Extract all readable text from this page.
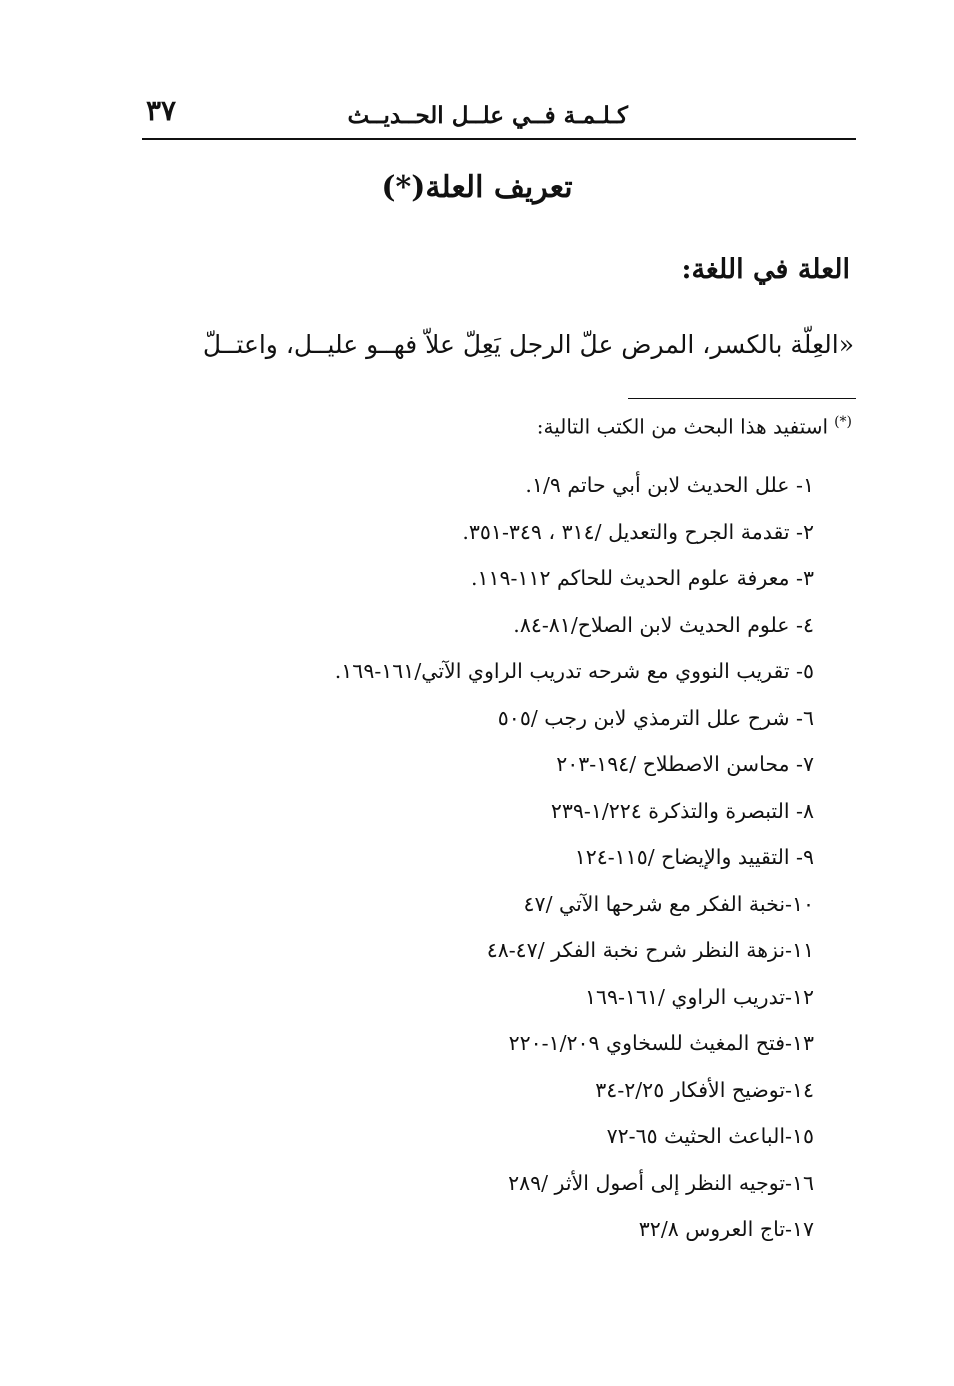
كـلـمـة فــي علــل الحــديــث
٣٧
تعريف العلة(*)
العلة في اللغة:
«العِلّة بالكسر، المرض علّ الرجل يَعِلّ علاّ فهــو عليــل، واعتــلّ
(*)استفيد هذا البحث من الكتب التالية:
١- علل الحديث لابن أبي حاتم ١/٩.
٢- تقدمة الجرح والتعديل /٣١٤ ، ٣٤٩-٣٥١.
٣- معرفة علوم الحديث للحاكم ١١٢-١١٩.
٤- علوم الحديث لابن الصلاح/٨١-٨٤.
٥- تقريب النووي مع شرحه تدريب الراوي الآتي/١٦١-١٦٩.
٦- شرح علل الترمذي لابن رجب /٥٠٥
٧- محاسن الاصطلاح /١٩٤-٢٠٣
٨- التبصرة والتذكرة ١/٢٢٤-٢٣٩
٩- التقييد والإيضاح /١١٥-١٢٤
١٠-نخبة الفكر مع شرحها الآتي /٤٧
١١-نزهة النظر شرح نخبة الفكر /٤٧-٤٨
١٢-تدريب الراوي /١٦١-١٦٩
١٣-فتح المغيث للسخاوي ١/٢٠٩-٢٢٠
١٤-توضيح الأفكار ٢/٢٥-٣٤
١٥-الباعث الحثيث ٦٥-٧٢
١٦-توجيه النظر إلى أصول الأثر /٢٨٩
١٧-تاج العروس ٣٢/٨
